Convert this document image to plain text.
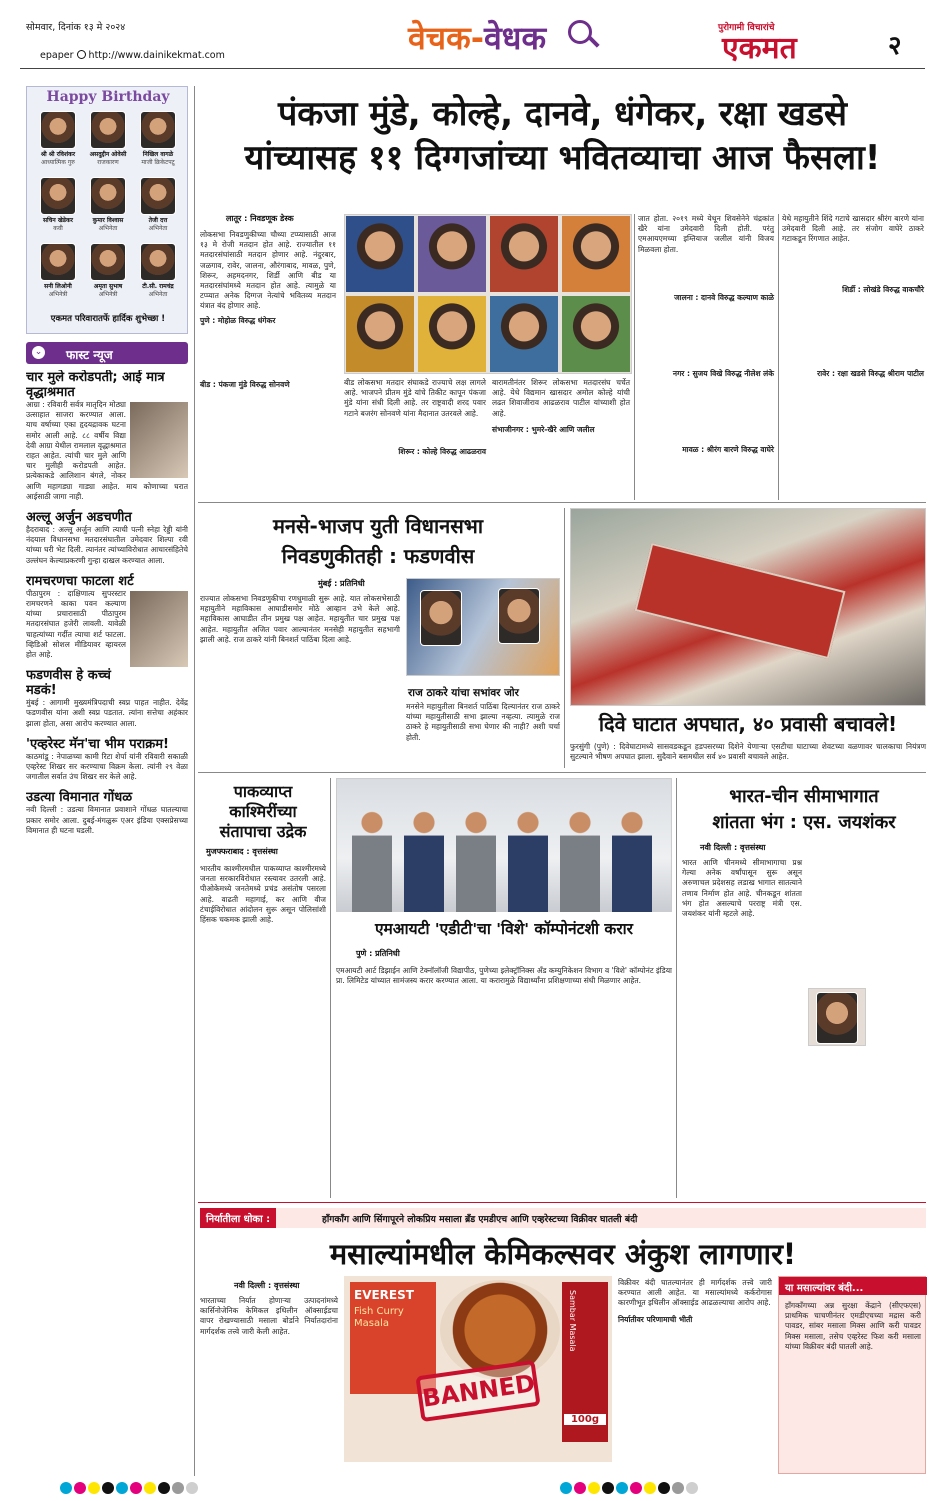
सोमवार, दिनांक १३ मे २०२४
epaper http://www.dainikekmat.com	वेचक-वेधक	पुरोगामी विचारांचे
एकमत	२
Happy Birthday
श्री श्री रविशंकर
आध्यात्मिक गुरु
असदुद्दीन ओवेसी
राजकारण
निखिल वागळे
माजी क्रिकेटपटू
सचिन खेडेकर
कवी
कुमार विश्वास
अभिनेता
तेजी दत्त
अभिनेता
सनी लिओनी
अभिनेत्री
अमृता सुभाष
अभिनेत्री
टी.सी. रामचंद्र
अभिनेता
एकमत परिवारातर्फे हार्दिक शुभेच्छा !
⌄ फास्ट न्यूज
चार मुले करोडपती; आई मात्र वृद्धाश्रमात
आग्रा : रविवारी सर्वत्र मातृदिन मोठ्या उत्साहात साजरा करण्यात आला. याच वर्षाच्या एका हृदयद्रावक घटना समोर आली आहे. ८८ वर्षीय विद्या देवी आग्रा येथील रामलाल वृद्धाश्रमात राहत आहेत. त्यांची चार मुले आणि चार मुलीही करोडपती आहेत. प्रत्येकाकडे आलिशान बंगले, नोकर आणि महागड्या गाड्या आहेत. माय कोणाच्या घरात आईसाठी जागा नाही.
अल्लू अर्जुन अडचणीत
हैदराबाद : अल्लू अर्जुन आणि त्याची पत्नी स्नेहा रेड्डी यांनी नंदयाल विधानसभा मतदारसंघातील उमेदवार शिल्पा रवी यांच्या घरी भेट दिली. त्यानंतर त्यांच्याविरोधात आचारसंहितेचे उल्लंघन केल्याप्रकरणी गुन्हा दाखल करण्यात आला.
रामचरणचा फाटला शर्ट
पीठापुरम : दाक्षिणात्य सुपरस्टार रामचरणने काका पवन कल्याण यांच्या प्रचारासाठी पीठापुरम मतदारसंघात हजेरी लावली. यावेळी चाहत्यांच्या गर्दीत त्याचा शर्ट फाटला. व्हिडिओ सोशल मीडियावर व्हायरल होत आहे.
फडणवीस हे कच्चं मडकं!
मुंबई : आगामी मुख्यमंत्रिपदाची स्वप्न पाहत नाहीत. देवेंद्र फडणवीस यांना अशी स्वप्न पडतात. त्यांना सत्तेचा अहंकार झाला होता, असा आरोप करण्यात आला.
'एव्हरेस्ट मॅन'चा भीम पराक्रम!
काठमांडू : नेपाळच्या कामी रिटा शेर्पा यांनी रविवारी सकाळी एव्हरेस्ट शिखर सर करण्याचा विक्रम केला. त्यांनी २९ वेळा जगातील सर्वात उंच शिखर सर केले आहे.
उडत्या विमानात गोंधळ
नवी दिल्ली : उडत्या विमानात प्रवाशाने गोंधळ घातल्याचा प्रकार समोर आला. दुबई-मंगळुरू एअर इंडिया एक्सप्रेसच्या विमानात ही घटना घडली.
पंकजा मुंडे, कोल्हे, दानवे, धंगेकर, रक्षा खडसे
यांच्यासह ११ दिग्गजांच्या भवितव्याचा आज फैसला!
लातूर : निवडणूक डेस्क

लोकसभा निवडणुकीच्या चौथ्या टप्प्यासाठी आज १३ मे रोजी मतदान होत आहे. राज्यातील ११ मतदारसंघांसाठी मतदान होणार आहे. नंदुरबार, जळगाव, रावेर, जालना, औरंगाबाद, मावळ, पुणे, शिरूर, अहमदनगर, शिर्डी आणि बीड या मतदारसंघांमध्ये मतदान होत आहे. त्यामुळे या टप्प्यात अनेक दिग्गज नेत्यांचे भवितव्य मतदान यंत्रात बंद होणार आहे.

पुणे : मोहोळ विरुद्ध धंगेकर

बीड : पंकजा मुंडे विरुद्ध सोनवणे	बीड लोकसभा मतदार संघाकडे राज्याचे लक्ष लागले आहे. भाजपने प्रीतम मुंडे यांचे तिकीट कापून पंकजा मुंडे यांना संधी दिली आहे. तर राष्ट्रवादी शरद पवार गटाने बजरंग सोनवणे यांना मैदानात उतरवले आहे.

शिरूर : कोल्हे विरुद्ध आढळराव

बारामतीनंतर शिरूर लोकसभा मतदारसंघ चर्चेत आहे. येथे विद्यमान खासदार अमोल कोल्हे यांची लढत शिवाजीराव आढळराव पाटील यांच्याशी होत आहे.

संभाजीनगर : भुमरे-खैरे आणि जलील

जात होता. २०१९ मध्ये येथून शिवसेनेने चंद्रकांत खैरे यांना उमेदवारी दिली होती. परंतु एमआयएमच्या इम्तियाज जलील यांनी विजय मिळवला होता.

जालना : दानवे विरुद्ध कल्याण काळे

नगर : सुजय विखे विरुद्ध नीलेश लंके

मावळ : श्रीरंग बारणे विरुद्ध वाघेरे

येथे महायुतीने शिंदे गटाचे खासदार श्रीरंग बारणे यांना उमेदवारी दिली आहे. तर संजोग वाघेरे ठाकरे गटाकडून रिंगणात आहेत.

शिर्डी : लोखंडे विरुद्ध वाकचौरे

रावेर : रक्षा खडसे विरुद्ध श्रीराम पाटील

मनसे-भाजप युती विधानसभा
निवडणुकीतही : फडणवीस
मुंबई : प्रतिनिधी
राज्यात लोकसभा निवडणुकीचा रणधुमाळी सुरू आहे. यात लोकसभेसाठी महायुतीने महाविकास आघाडीसमोर मोठे आव्हान उभे केले आहे. महाविकास आघाडीत तीन प्रमुख पक्ष आहेत. महायुतीत चार प्रमुख पक्ष आहेत. महायुतीत अजित पवार आल्यानंतर मनसेही महायुतीत सहभागी झाली आहे. राज ठाकरे यांनी बिनशर्त पाठिंबा दिला आहे.
राज ठाकरे यांचा सभांवर जोर
मनसेने महायुतीला बिनशर्त पाठिंबा दिल्यानंतर राज ठाकरे यांच्या महायुतीसाठी सभा झाल्या नव्हत्या. त्यामुळे राज ठाकरे हे महायुतीसाठी सभा घेणार की नाही? अशी चर्चा होती.
दिवे घाटात अपघात, ४० प्रवासी बचावले!
फुरसुंगी (पुणे) : दिवेघाटामध्ये सासवडकडून हडपसरच्या दिशेने येणाऱ्या एसटीचा घाटाच्या शेवटच्या वळणावर चालकाचा नियंत्रण सुटल्याने भीषण अपघात झाला. सुदैवाने बसमधील सर्व ४० प्रवासी बचावले आहेत.
पाकव्याप्त
काश्मिरींच्या
संतापाचा उद्रेक
मुजफ्फराबाद : वृत्तसंस्था
भारतीय काश्मीरमधील पाकव्याप्त काश्मीरमध्ये जनता सरकारविरोधात रस्त्यावर उतरली आहे. पीओकेमध्ये जनतेमध्ये प्रचंड असंतोष पसरला आहे. वाढती महागाई, कर आणि वीज टंचाईविरोधात आंदोलन सुरू असून पोलिसांशी हिंसक चकमक झाली आहे.
एमआयटी 'एडीटी'चा 'विशे' कॉम्पोनंटशी करार
पुणे : प्रतिनिधी
एमआयटी आर्ट डिझाईन आणि टेक्नॉलॉजी विद्यापीठ, पुणेच्या इलेक्ट्रॉनिक्स अँड कम्युनिकेशन विभाग व 'विशे' कॉम्पोनंट इंडिया प्रा. लिमिटेड यांच्यात सामंजस्य करार करण्यात आला. या करारामुळे विद्यार्थ्यांना प्रशिक्षणाच्या संधी मिळणार आहेत.
भारत-चीन सीमाभागात
शांतता भंग : एस. जयशंकर
नवी दिल्ली : वृत्तसंस्था
भारत आणि चीनमध्ये सीमाभागाचा प्रश्न गेल्या अनेक वर्षांपासून सुरू असून अरुणाचल प्रदेशसह लडाख भागात सातत्याने तणाव निर्माण होत आहे. चीनकडून शांतता भंग होत असल्याचे परराष्ट्र मंत्री एस. जयशंकर यांनी म्हटले आहे.
निर्यातीला धोका :	हाँगकाँग आणि सिंगापूरने लोकप्रिय मसाला ब्रँड एमडीएच आणि एव्हरेस्टच्या विक्रीवर घातली बंदी
मसाल्यांमधील केमिकल्सवर अंकुश लागणार!
नवी दिल्ली : वृत्तसंस्था
भारताच्या निर्यात होणाऱ्या उत्पादनांमध्ये कार्सिनोजेनिक केमिकल इथिलीन ऑक्साईडचा वापर रोखण्यासाठी मसाला बोर्डाने निर्यातदारांना मार्गदर्शक तत्त्वे जारी केली आहेत.
EVEREST
Fish Curry Masala	Sambar Masala
100g
BANNED

विक्रीवर बंदी घातल्यानंतर ही मार्गदर्शक तत्त्वे जारी करण्यात आली आहेत. या मसाल्यांमध्ये कर्करोगास कारणीभूत इथिलीन ऑक्साईड आढळल्याचा आरोप आहे.

निर्यातीवर परिणामाची भीती

या मसाल्यांवर बंदी...
हाँगकाँगच्या अन्न सुरक्षा केंद्राने (सीएफएस) प्राथमिक चाचणीनंतर एमडीएचच्या मद्रास करी पावडर, सांबर मसाला मिक्स आणि करी पावडर मिक्स मसाला, तसेच एव्हरेस्ट फिश करी मसाला यांच्या विक्रीवर बंदी घातली आहे.
